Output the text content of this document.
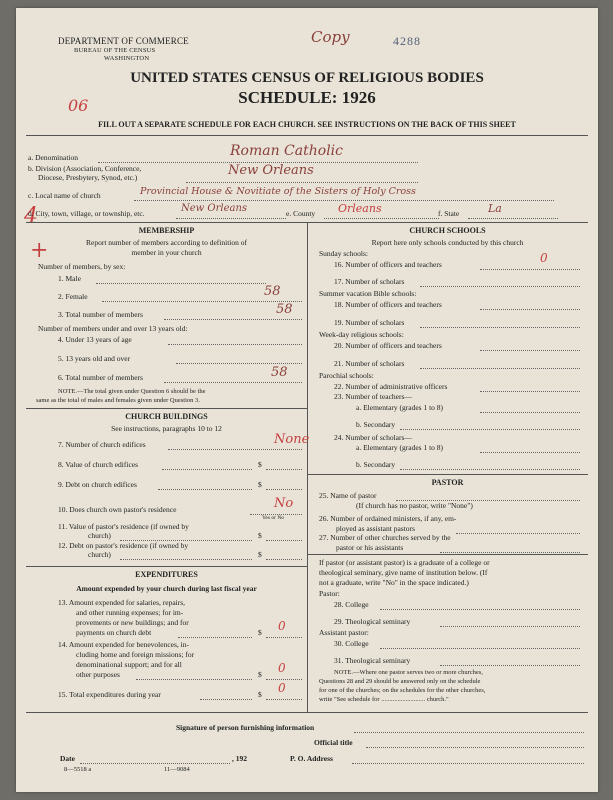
DEPARTMENT OF COMMERCE
BUREAU OF THE CENSUS
WASHINGTON
Copy	4288
UNITED STATES CENSUS OF RELIGIOUS BODIES
SCHEDULE: 1926
06
FILL OUT A SEPARATE SCHEDULE FOR EACH CHURCH. SEE INSTRUCTIONS ON THE BACK OF THIS SHEET
4
+
a. Denomination	Roman Catholic
b. Division (Association, Conference,
Diocese, Presbytery, Synod, etc.)	New Orleans
c. Local name of church	Provincial House & Novitiate of the Sisters of Holy Cross
d. City, town, village, or township, etc.	New Orleans	e. County Orleans	f. State	La
MEMBERSHIP
Report number of members according to definition of
member in your church
Number of members, by sex:
1. Male
2. Female	58
3. Total number of members	58
Number of members under and over 13 years old:
4. Under 13 years of age
5. 13 years old and over
6. Total number of members	58
NOTE.—The total given under Question 6 should be the
same as the total of males and females given under Question 3.
CHURCH BUILDINGS
See instructions, paragraphs 10 to 12
7. Number of church edifices	None
8. Value of church edifices	$
9. Debt on church edifices	$
10. Does church own pastor's residence	No
Yes or No
11. Value of pastor's residence (if owned by
church)	$
12. Debt on pastor's residence (if owned by
church)	$
EXPENDITURES
Amount expended by your church during last fiscal year
13. Amount expended for salaries, repairs,
and other running expenses; for im-
provements or new buildings; and for
payments on church debt	$ 0
14. Amount expended for benevolences, in-
cluding home and foreign missions; for
denominational support; and for all
other purposes	$ 0
15. Total expenditures during year	$ 0
CHURCH SCHOOLS
Report here only schools conducted by this church
Sunday schools:
16. Number of officers and teachers	0
17. Number of scholars
Summer vacation Bible schools:
18. Number of officers and teachers
19. Number of scholars
Week-day religious schools:
20. Number of officers and teachers
21. Number of scholars
Parochial schools:
22. Number of administrative officers
23. Number of teachers—
a. Elementary (grades 1 to 8)
b. Secondary
24. Number of scholars—
a. Elementary (grades 1 to 8)
b. Secondary
PASTOR
25. Name of pastor
(If church has no pastor, write "None")
26. Number of ordained ministers, if any, em-
ployed as assistant pastors
27. Number of other churches served by the
pastor or his assistants
If pastor (or assistant pastor) is a graduate of a college or
theological seminary, give name of institution below. (If
not a graduate, write "No" in the space indicated.)
Pastor:
28. College
29. Theological seminary
Assistant pastor:
30. College
31. Theological seminary
NOTE.—Where one pastor serves two or more churches,
Questions 28 and 29 should be answered only on the schedule
for one of the churches; on the schedules for the other churches,
write "See schedule for ........................... church."
Signature of person furnishing information
Official title
Date	, 192	P. O. Address
8—5518 a	11—9084
